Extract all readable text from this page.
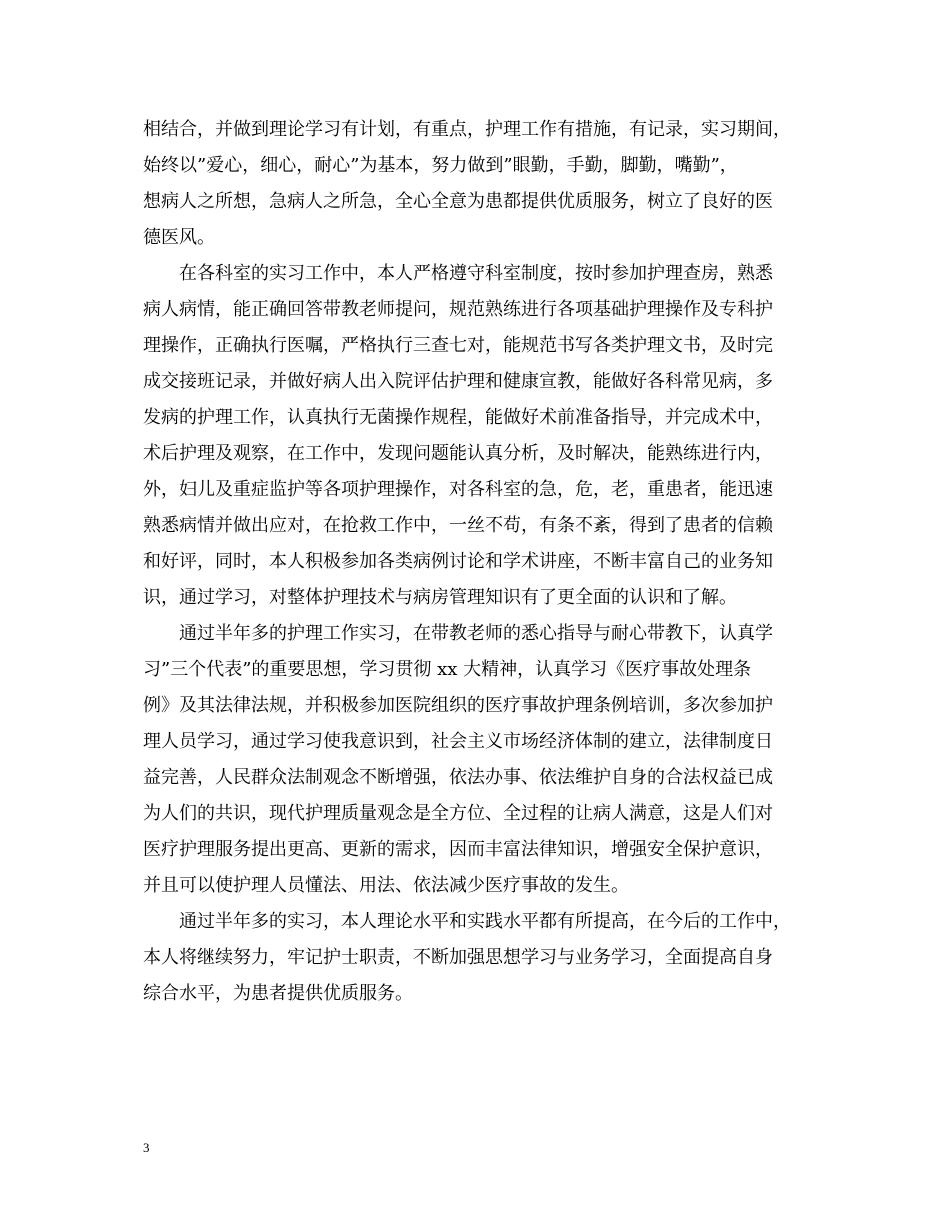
相结合，并做到理论学习有计划，有重点，护理工作有措施，有记录，实习期间，
始终以”爱心，细心，耐心”为基本，努力做到”眼勤，手勤，脚勤，嘴勤”，
想病人之所想，急病人之所急，全心全意为患都提供优质服务，树立了良好的医
德医风。
在各科室的实习工作中，本人严格遵守科室制度，按时参加护理查房，熟悉
病人病情，能正确回答带教老师提问，规范熟练进行各项基础护理操作及专科护
理操作，正确执行医嘱，严格执行三查七对，能规范书写各类护理文书，及时完
成交接班记录，并做好病人出入院评估护理和健康宣教，能做好各科常见病，多
发病的护理工作，认真执行无菌操作规程，能做好术前准备指导，并完成术中，
术后护理及观察，在工作中，发现问题能认真分析，及时解决，能熟练进行内，
外，妇儿及重症监护等各项护理操作，对各科室的急，危，老，重患者，能迅速
熟悉病情并做出应对，在抢救工作中，一丝不苟，有条不紊，得到了患者的信赖
和好评，同时，本人积极参加各类病例讨论和学术讲座，不断丰富自己的业务知
识，通过学习，对整体护理技术与病房管理知识有了更全面的认识和了解。
通过半年多的护理工作实习，在带教老师的悉心指导与耐心带教下，认真学
习”三个代表”的重要思想，学习贯彻 xx 大精神，认真学习《医疗事故处理条
例》及其法律法规，并积极参加医院组织的医疗事故护理条例培训，多次参加护
理人员学习，通过学习使我意识到，社会主义市场经济体制的建立，法律制度日
益完善，人民群众法制观念不断增强，依法办事、依法维护自身的合法权益已成
为人们的共识，现代护理质量观念是全方位、全过程的让病人满意，这是人们对
医疗护理服务提出更高、更新的需求，因而丰富法律知识，增强安全保护意识，
并且可以使护理人员懂法、用法、依法减少医疗事故的发生。
通过半年多的实习，本人理论水平和实践水平都有所提高，在今后的工作中，
本人将继续努力，牢记护士职责，不断加强思想学习与业务学习，全面提高自身
综合水平，为患者提供优质服务。
3
